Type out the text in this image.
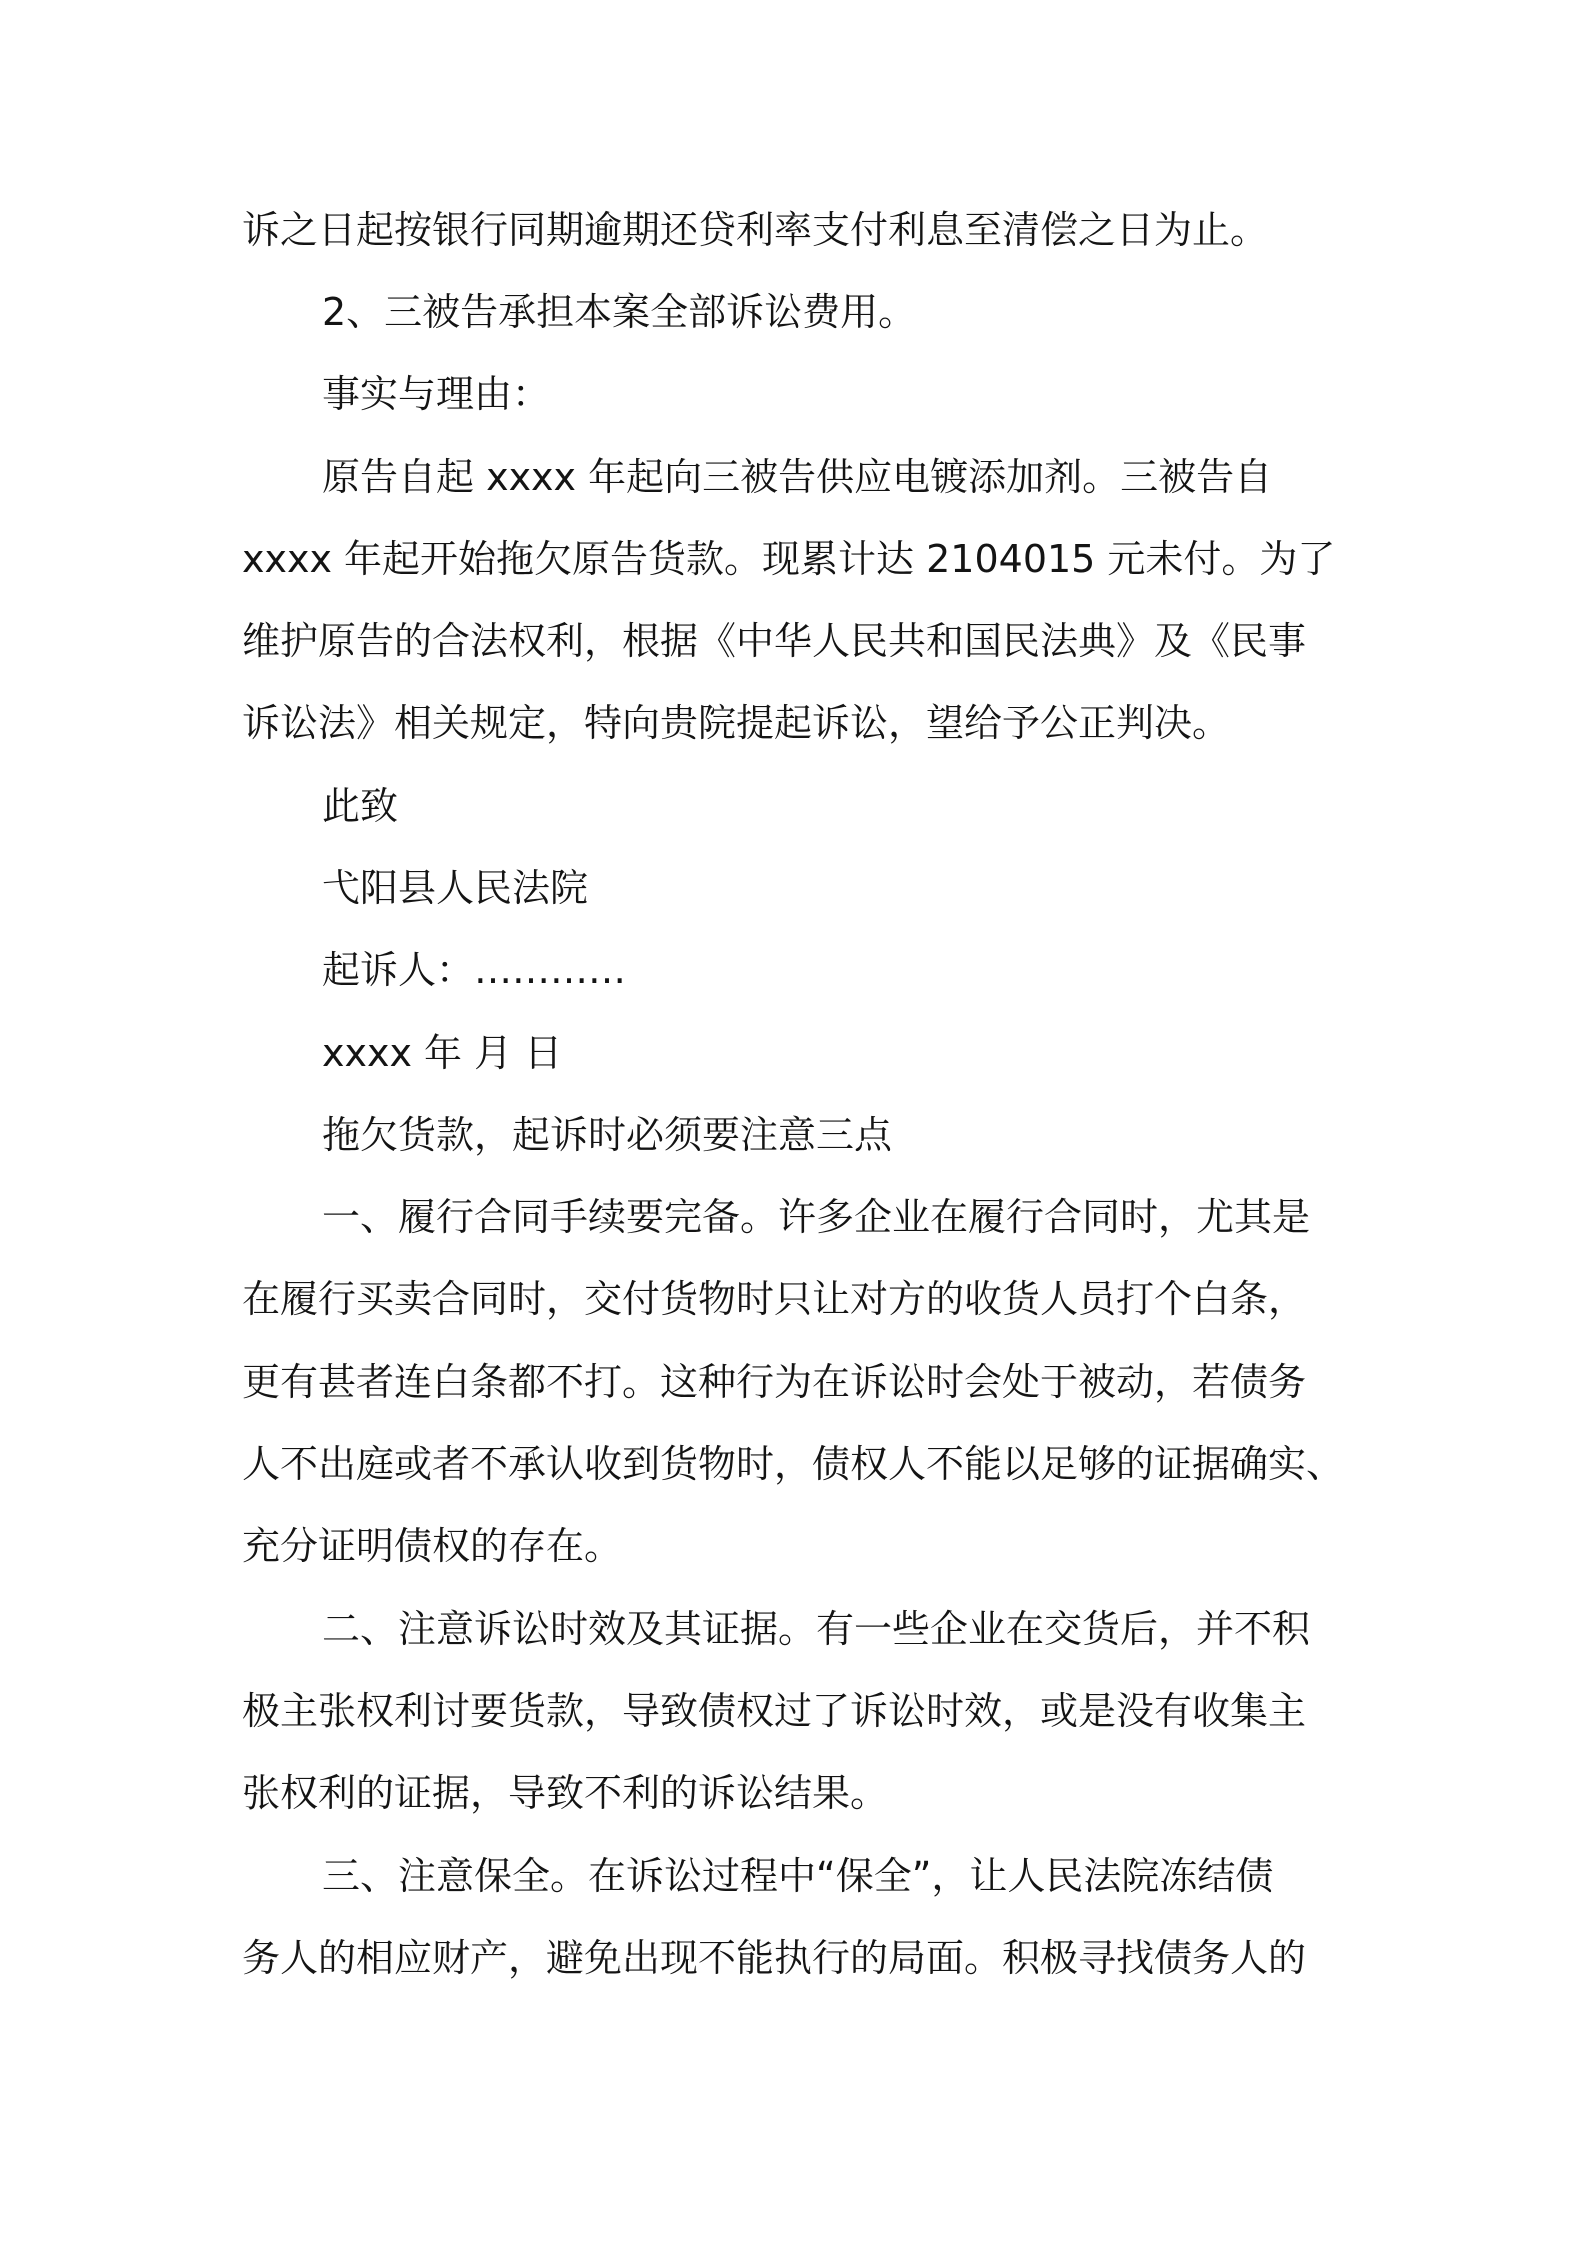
诉之日起按银行同期逾期还贷利率支付利息至清偿之日为止。
2、三被告承担本案全部诉讼费用。
事实与理由：
原告自起 xxxx 年起向三被告供应电镀添加剂。三被告自
xxxx 年起开始拖欠原告货款。现累计达 2104015 元未付。为了
维护原告的合法权利，根据《中华人民共和国民法典》及《民事
诉讼法》相关规定，特向贵院提起诉讼，望给予公正判决。
此致
弋阳县人民法院
起诉人：…………
xxxx 年 月 日
拖欠货款，起诉时必须要注意三点
一、履行合同手续要完备。许多企业在履行合同时，尤其是
在履行买卖合同时，交付货物时只让对方的收货人员打个白条，
更有甚者连白条都不打。这种行为在诉讼时会处于被动，若债务
人不出庭或者不承认收到货物时，债权人不能以足够的证据确实、
充分证明债权的存在。
二、注意诉讼时效及其证据。有一些企业在交货后，并不积
极主张权利讨要货款，导致债权过了诉讼时效，或是没有收集主
张权利的证据，导致不利的诉讼结果。
三、注意保全。在诉讼过程中“保全”，让人民法院冻结债
务人的相应财产，避免出现不能执行的局面。积极寻找债务人的
